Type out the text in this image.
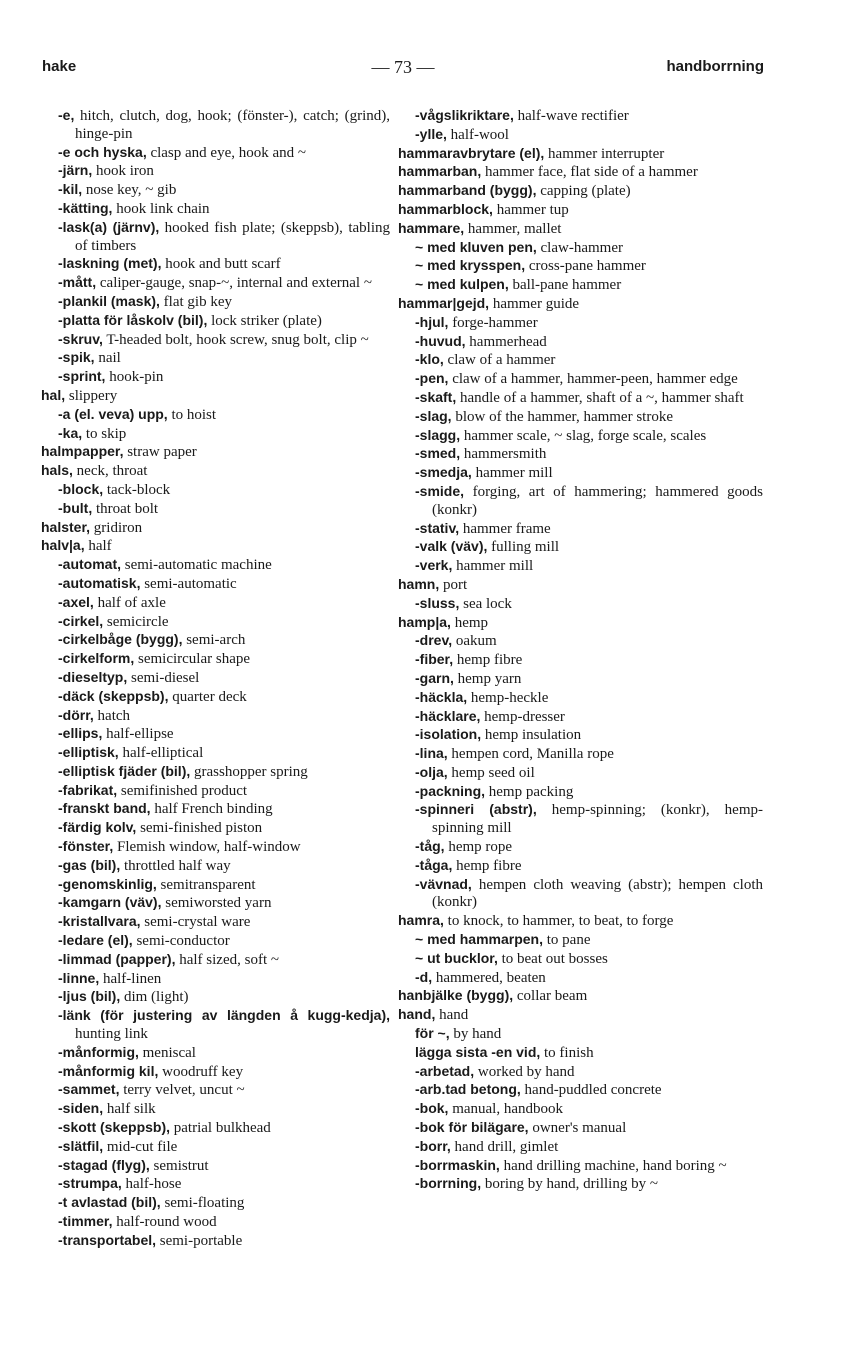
hake	— 73 —	handborrning
-e, hitch, clutch, dog, hook; (fönster-), catch; (grind), hinge-pin
-e och hyska, clasp and eye, hook and ~
-järn, hook iron
-kil, nose key, ~ gib
-kätting, hook link chain
-lask(a) (järnv), hooked fish plate; (skeppsb), tabling of timbers
-laskning (met), hook and butt scarf
-mått, caliper-gauge, snap-~, internal and external ~
-plankil (mask), flat gib key
-platta för låskolv (bil), lock striker (plate)
-skruv, T-headed bolt, hook screw, snug bolt, clip ~
-spik, nail
-sprint, hook-pin
hal, slippery
-a (el. veva) upp, to hoist
-ka, to skip
halmpapper, straw paper
hals, neck, throat
-block, tack-block
-bult, throat bolt
halster, gridiron
halv|a, half
-automat, semi-automatic machine
-automatisk, semi-automatic
-axel, half of axle
-cirkel, semicircle
-cirkelbåge (bygg), semi-arch
-cirkelform, semicircular shape
-dieseltyp, semi-diesel
-däck (skeppsb), quarter deck
-dörr, hatch
-ellips, half-ellipse
-elliptisk, half-elliptical
-elliptisk fjäder (bil), grasshopper spring
-fabrikat, semifinished product
-franskt band, half French binding
-färdig kolv, semi-finished piston
-fönster, Flemish window, half-window
-gas (bil), throttled half way
-genomskinlig, semitransparent
-kamgarn (väv), semiworsted yarn
-kristallvara, semi-crystal ware
-ledare (el), semi-conductor
-limmad (papper), half sized, soft ~
-linne, half-linen
-ljus (bil), dim (light)
-länk (för justering av längden å kugg-kedja), hunting link
-månformig, meniscal
-månformig kil, woodruff key
-sammet, terry velvet, uncut ~
-siden, half silk
-skott (skeppsb), patrial bulkhead
-slätfil, mid-cut file
-stagad (flyg), semistrut
-strumpa, half-hose
-t avlastad (bil), semi-floating
-timmer, half-round wood
-transportabel, semi-portable
-vågslikriktare, half-wave rectifier
-ylle, half-wool
hammaravbrytare (el), hammer interrupter
hammarban, hammer face, flat side of a hammer
hammarband (bygg), capping (plate)
hammarblock, hammer tup
hammare, hammer, mallet
~ med kluven pen, claw-hammer
~ med krysspen, cross-pane hammer
~ med kulpen, ball-pane hammer
hammar|gejd, hammer guide
-hjul, forge-hammer
-huvud, hammerhead
-klo, claw of a hammer
-pen, claw of a hammer, hammer-peen, hammer edge
-skaft, handle of a hammer, shaft of a ~, hammer shaft
-slag, blow of the hammer, hammer stroke
-slagg, hammer scale, ~ slag, forge scale, scales
-smed, hammersmith
-smedja, hammer mill
-smide, forging, art of hammering; hammered goods (konkr)
-stativ, hammer frame
-valk (väv), fulling mill
-verk, hammer mill
hamn, port
-sluss, sea lock
hamp|a, hemp
-drev, oakum
-fiber, hemp fibre
-garn, hemp yarn
-häckla, hemp-heckle
-häcklare, hemp-dresser
-isolation, hemp insulation
-lina, hempen cord, Manilla rope
-olja, hemp seed oil
-packning, hemp packing
-spinneri (abstr), hemp-spinning; (konkr), hemp-spinning mill
-tåg, hemp rope
-tåga, hemp fibre
-vävnad, hempen cloth weaving (abstr); hempen cloth (konkr)
hamra, to knock, to hammer, to beat, to forge
~ med hammarpen, to pane
~ ut bucklor, to beat out bosses
-d, hammered, beaten
hanbjälke (bygg), collar beam
hand, hand
för ~, by hand
lägga sista -en vid, to finish
-arbetad, worked by hand
-arb.tad betong, hand-puddled concrete
-bok, manual, handbook
-bok för bilägare, owner's manual
-borr, hand drill, gimlet
-borrmaskin, hand drilling machine, hand boring ~
-borrning, boring by hand, drilling by ~
